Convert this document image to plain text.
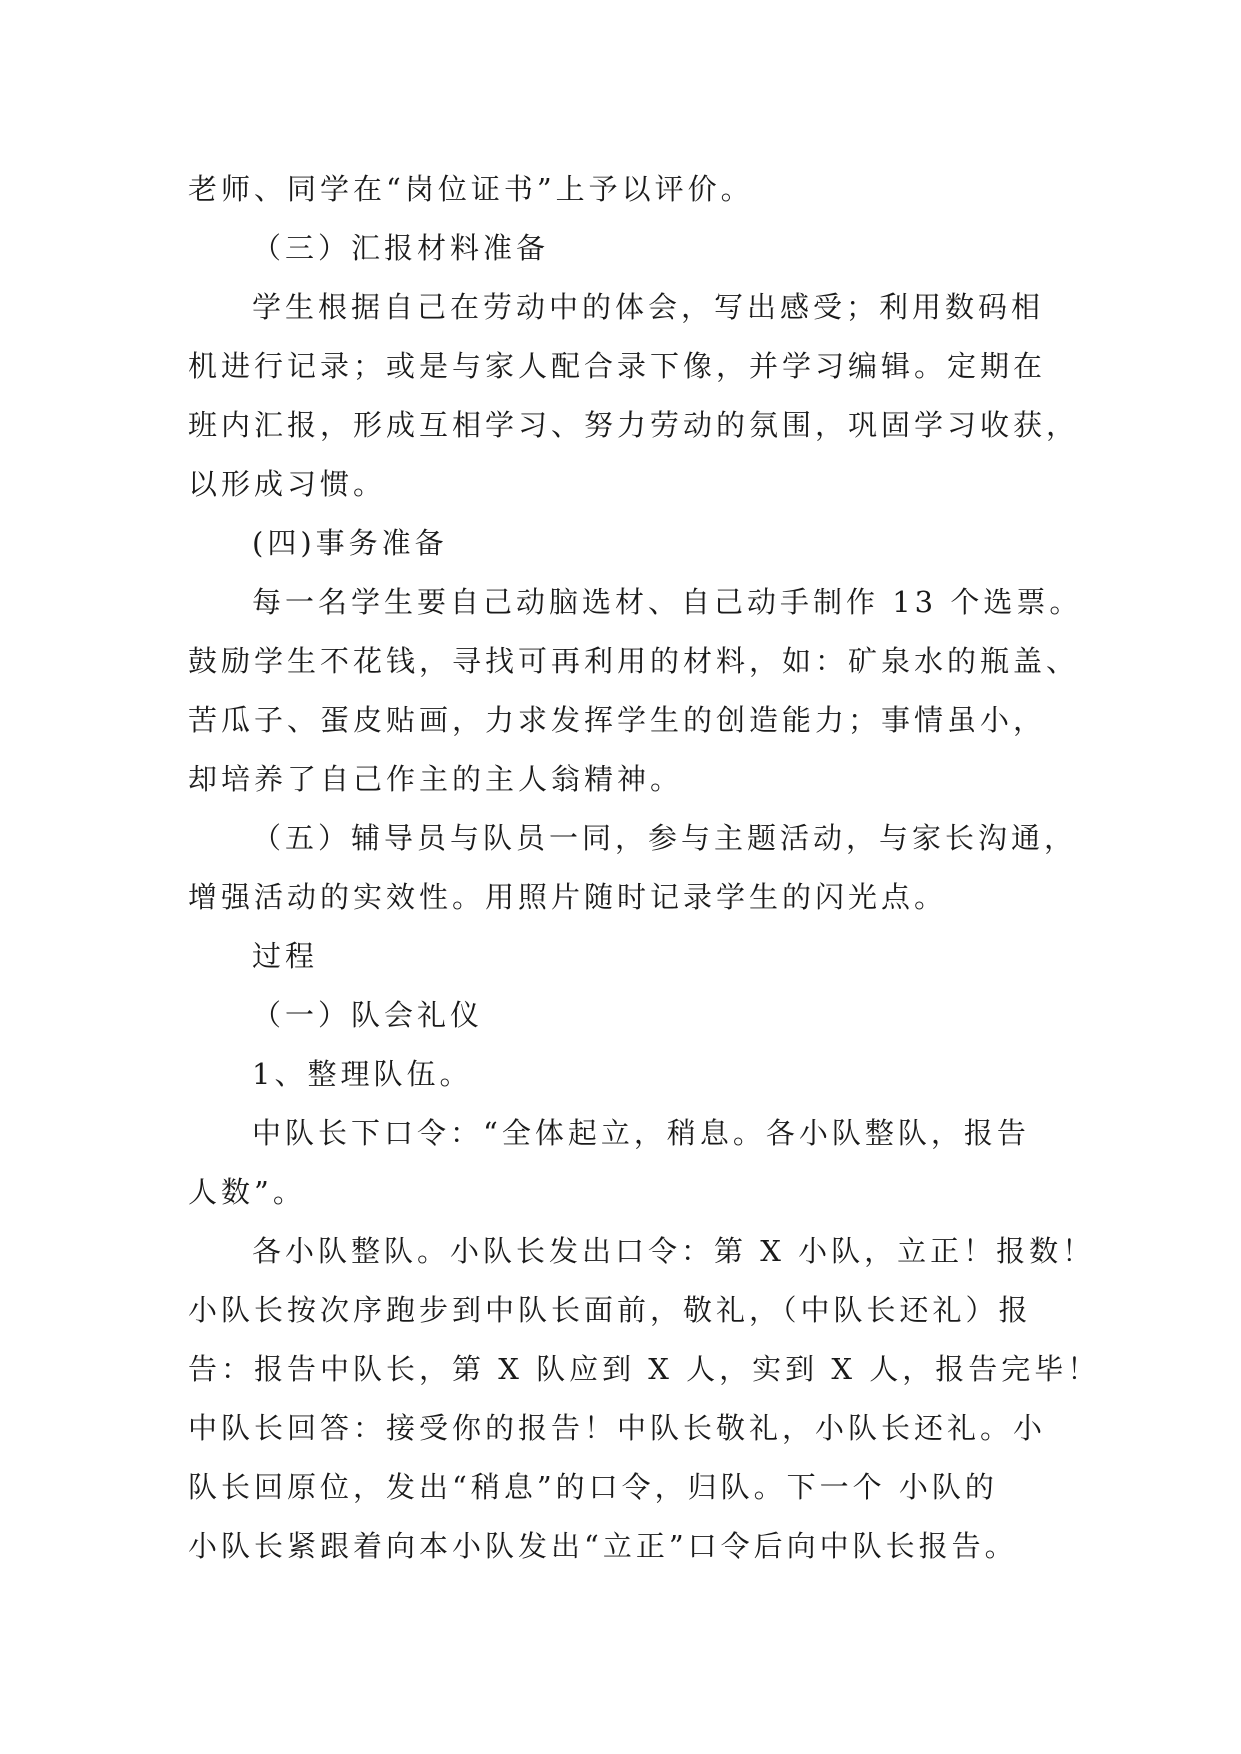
老师、同学在“岗位证书”上予以评价。
（三）汇报材料准备
学生根据自己在劳动中的体会，写出感受；利用数码相
机进行记录；或是与家人配合录下像，并学习编辑。定期在
班内汇报，形成互相学习、努力劳动的氛围，巩固学习收获，
以形成习惯。
(四)事务准备
每一名学生要自己动脑选材、自己动手制作 13 个选票。
鼓励学生不花钱，寻找可再利用的材料，如：矿泉水的瓶盖、
苦瓜子、蛋皮贴画，力求发挥学生的创造能力；事情虽小，
却培养了自己作主的主人翁精神。
（五）辅导员与队员一同，参与主题活动，与家长沟通，
增强活动的实效性。用照片随时记录学生的闪光点。
过程
（一）队会礼仪
1、整理队伍。
中队长下口令：“全体起立，稍息。各小队整队，报告
人数”。
各小队整队。小队长发出口令：第 X 小队，立正！报数！
小队长按次序跑步到中队长面前，敬礼，（中队长还礼）报
告：报告中队长，第 X 队应到 X 人，实到 X 人，报告完毕！
中队长回答：接受你的报告！中队长敬礼，小队长还礼。小
队长回原位，发出“稍息”的口令，归队。下一个 小队的
小队长紧跟着向本小队发出“立正”口令后向中队长报告。
